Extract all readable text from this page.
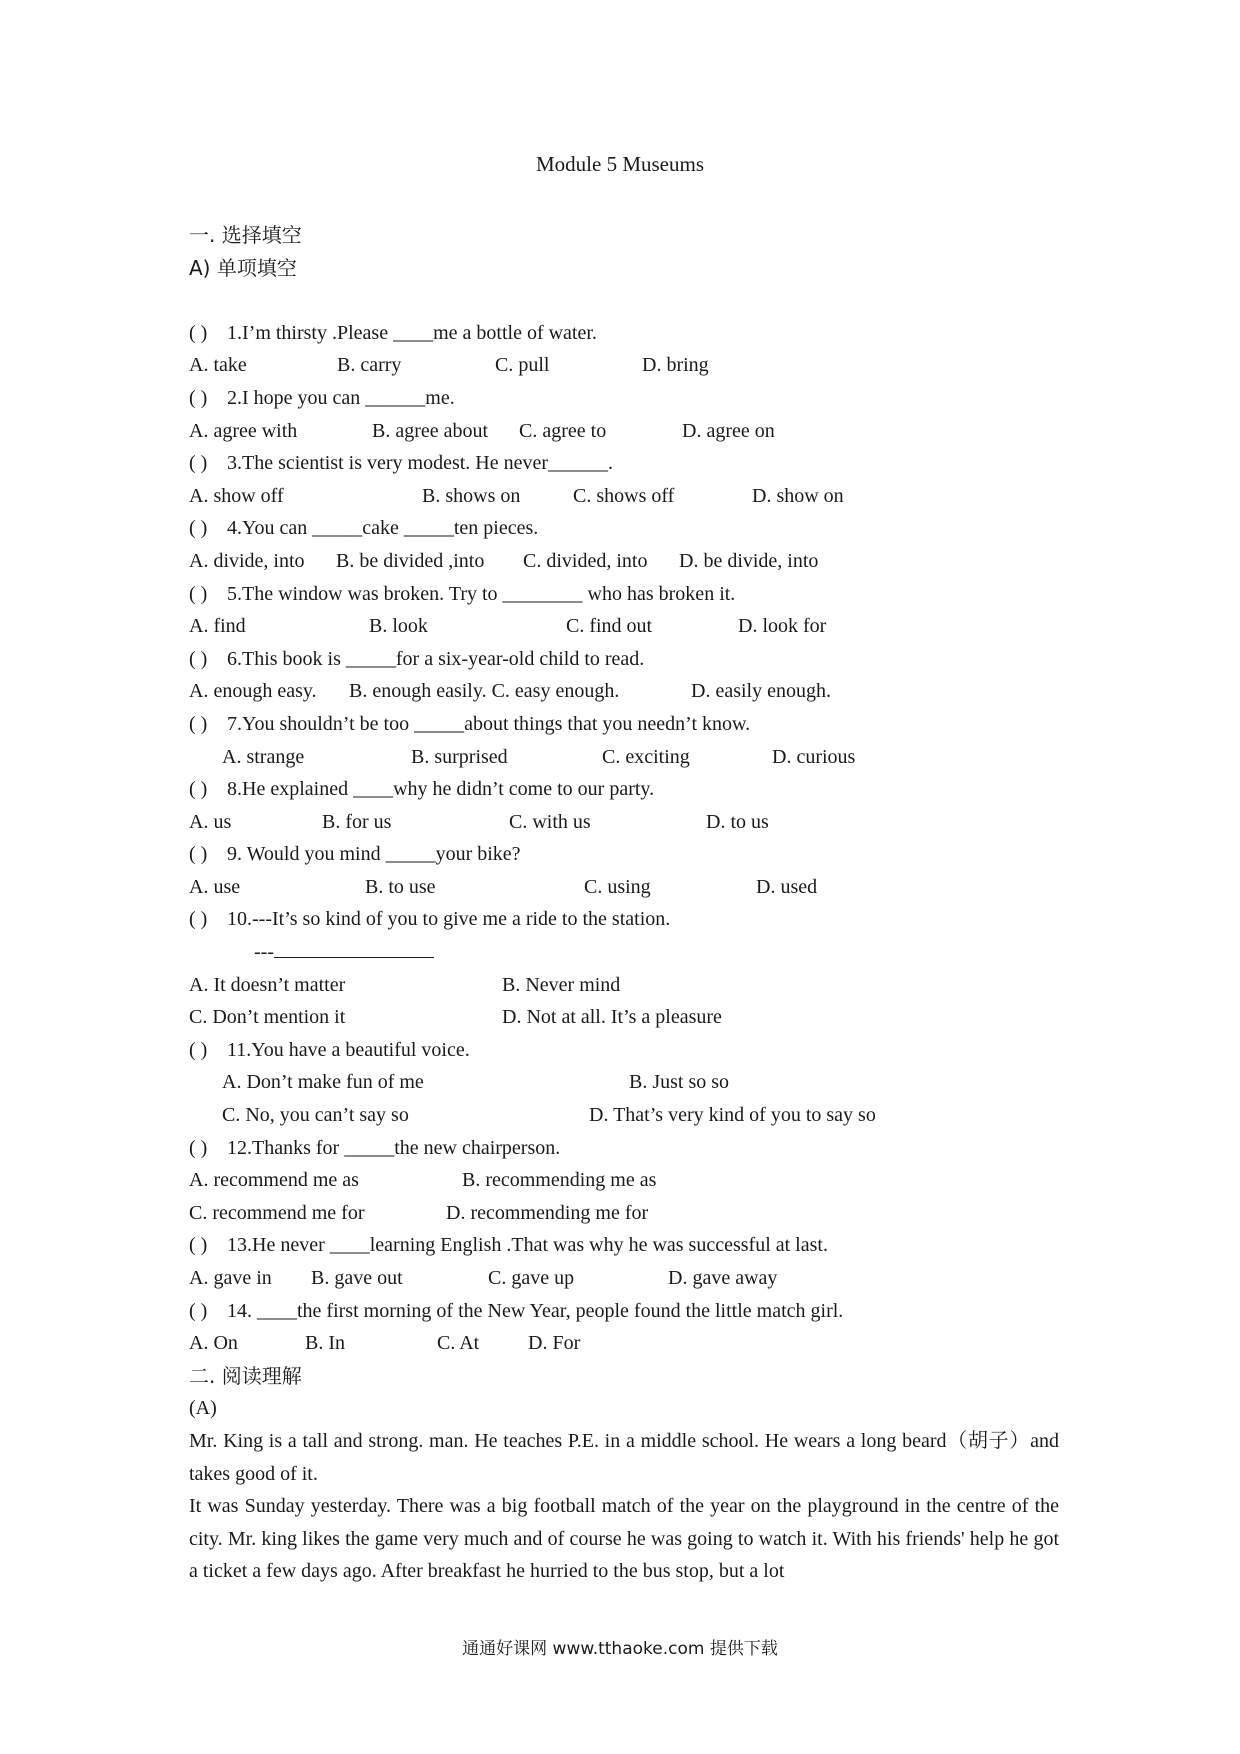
Module 5 Museums
一. 选择填空
A) 单项填空
( ) 1.I’m thirsty .Please ____me a bottle of water.
A. take	B. carry	C. pull	D. bring
( ) 2.I hope you can ______me.
A. agree with	B. agree about C. agree to	D. agree on
( ) 3.The scientist is very modest. He never______.
A. show off	B. shows on	C. shows off	D. show on
( ) 4.You can _____cake _____ten pieces.
A. divide, into B. be divided ,into C. divided, into D. be divide, into
( ) 5.The window was broken. Try to ________ who has broken it.
A. find	B. look	C. find out	D. look for
( ) 6.This book is _____for a six-year-old child to read.
A. enough easy. B. enough easily. C. easy enough.	D. easily enough.
( ) 7.You shouldn’t be too _____about things that you needn’t know.
A. strange	B. surprised	C. exciting	D. curious
( ) 8.He explained ____why he didn’t come to our party.
A. us	B. for us	C. with us	D. to us
( ) 9. Would you mind _____your bike?
A. use	B. to use	C. using	D. used
( ) 10.---It’s so kind of you to give me a ride to the station.
---
A. It doesn’t matter	B. Never mind
C. Don’t mention it	D. Not at all. It’s a pleasure
( ) 11.You have a beautiful voice.
A. Don’t make fun of me	B. Just so so
C. No, you can’t say so	D. That’s very kind of you to say so
( ) 12.Thanks for _____the new chairperson.
A. recommend me as	B. recommending me as
C. recommend me for	D. recommending me for
( ) 13.He never ____learning English .That was why he was successful at last.
A. gave in B. gave out	C. gave up	D. gave away
( ) 14. ____the first morning of the New Year, people found the little match girl.
A. On	B. In	C. At D. For
二. 阅读理解
(A)
Mr. King is a tall and strong. man. He teaches P.E. in a middle school. He wears a long beard（胡子）and takes good of it.
It was Sunday yesterday. There was a big football match of the year on the playground in the centre of the city. Mr. king likes the game very much and of course he was going to watch it. With his friends' help he got a ticket a few days ago. After breakfast he hurried to the bus stop, but a lot
通通好课网 www.tthaoke.com 提供下载
